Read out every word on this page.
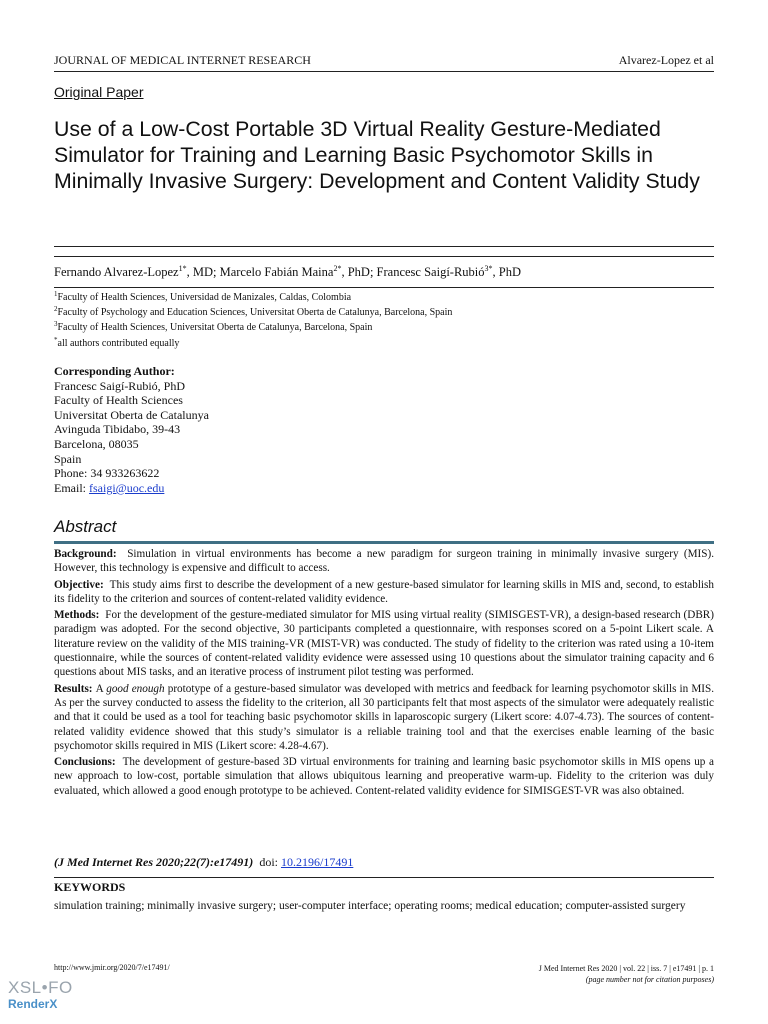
JOURNAL OF MEDICAL INTERNET RESEARCH	Alvarez-Lopez et al
Original Paper
Use of a Low-Cost Portable 3D Virtual Reality Gesture-Mediated Simulator for Training and Learning Basic Psychomotor Skills in Minimally Invasive Surgery: Development and Content Validity Study
Fernando Alvarez-Lopez$^{1*}$, MD; Marcelo Fabián Maina$^{2*}$, PhD; Francesc Saigí-Rubió$^{3*}$, PhD
$^1$Faculty of Health Sciences, Universidad de Manizales, Caldas, Colombia
$^2$Faculty of Psychology and Education Sciences, Universitat Oberta de Catalunya, Barcelona, Spain
$^3$Faculty of Health Sciences, Universitat Oberta de Catalunya, Barcelona, Spain
*all authors contributed equally
Corresponding Author:
Francesc Saigí-Rubió, PhD
Faculty of Health Sciences
Universitat Oberta de Catalunya
Avinguda Tibidabo, 39-43
Barcelona, 08035
Spain
Phone: 34 933263622
Email: fsaigi@uoc.edu
Abstract

Background: Simulation in virtual environments has become a new paradigm for surgeon training in minimally invasive surgery (MIS). However, this technology is expensive and difficult to access.

Objective: This study aims first to describe the development of a new gesture-based simulator for learning skills in MIS and, second, to establish its fidelity to the criterion and sources of content-related validity evidence.

Methods: For the development of the gesture-mediated simulator for MIS using virtual reality (SIMISGEST-VR), a design-based research (DBR) paradigm was adopted. For the second objective, 30 participants completed a questionnaire, with responses scored on a 5-point Likert scale. A literature review on the validity of the MIS training-VR (MIST-VR) was conducted. The study of fidelity to the criterion was rated using a 10-item questionnaire, while the sources of content-related validity evidence were assessed using 10 questions about the simulator training capacity and 6 questions about MIS tasks, and an iterative process of instrument pilot testing was performed.

Results: A good enough prototype of a gesture-based simulator was developed with metrics and feedback for learning psychomotor skills in MIS. As per the survey conducted to assess the fidelity to the criterion, all 30 participants felt that most aspects of the simulator were adequately realistic and that it could be used as a tool for teaching basic psychomotor skills in laparoscopic surgery (Likert score: 4.07-4.73). The sources of content-related validity evidence showed that this study’s simulator is a reliable training tool and that the exercises enable learning of the basic psychomotor skills required in MIS (Likert score: 4.28-4.67).

Conclusions: The development of gesture-based 3D virtual environments for training and learning basic psychomotor skills in MIS opens up a new approach to low-cost, portable simulation that allows ubiquitous learning and preoperative warm-up. Fidelity to the criterion was duly evaluated, which allowed a good enough prototype to be achieved. Content-related validity evidence for SIMISGEST-VR was also obtained.

(J Med Internet Res 2020;22(7):e17491) doi: 10.2196/17491
KEYWORDS
simulation training; minimally invasive surgery; user-computer interface; operating rooms; medical education; computer-assisted surgery
http://www.jmir.org/2020/7/e17491/	J Med Internet Res 2020 | vol. 22 | iss. 7 | e17491 | p. 1
(page number not for citation purposes)
XSL•FO
RenderX
